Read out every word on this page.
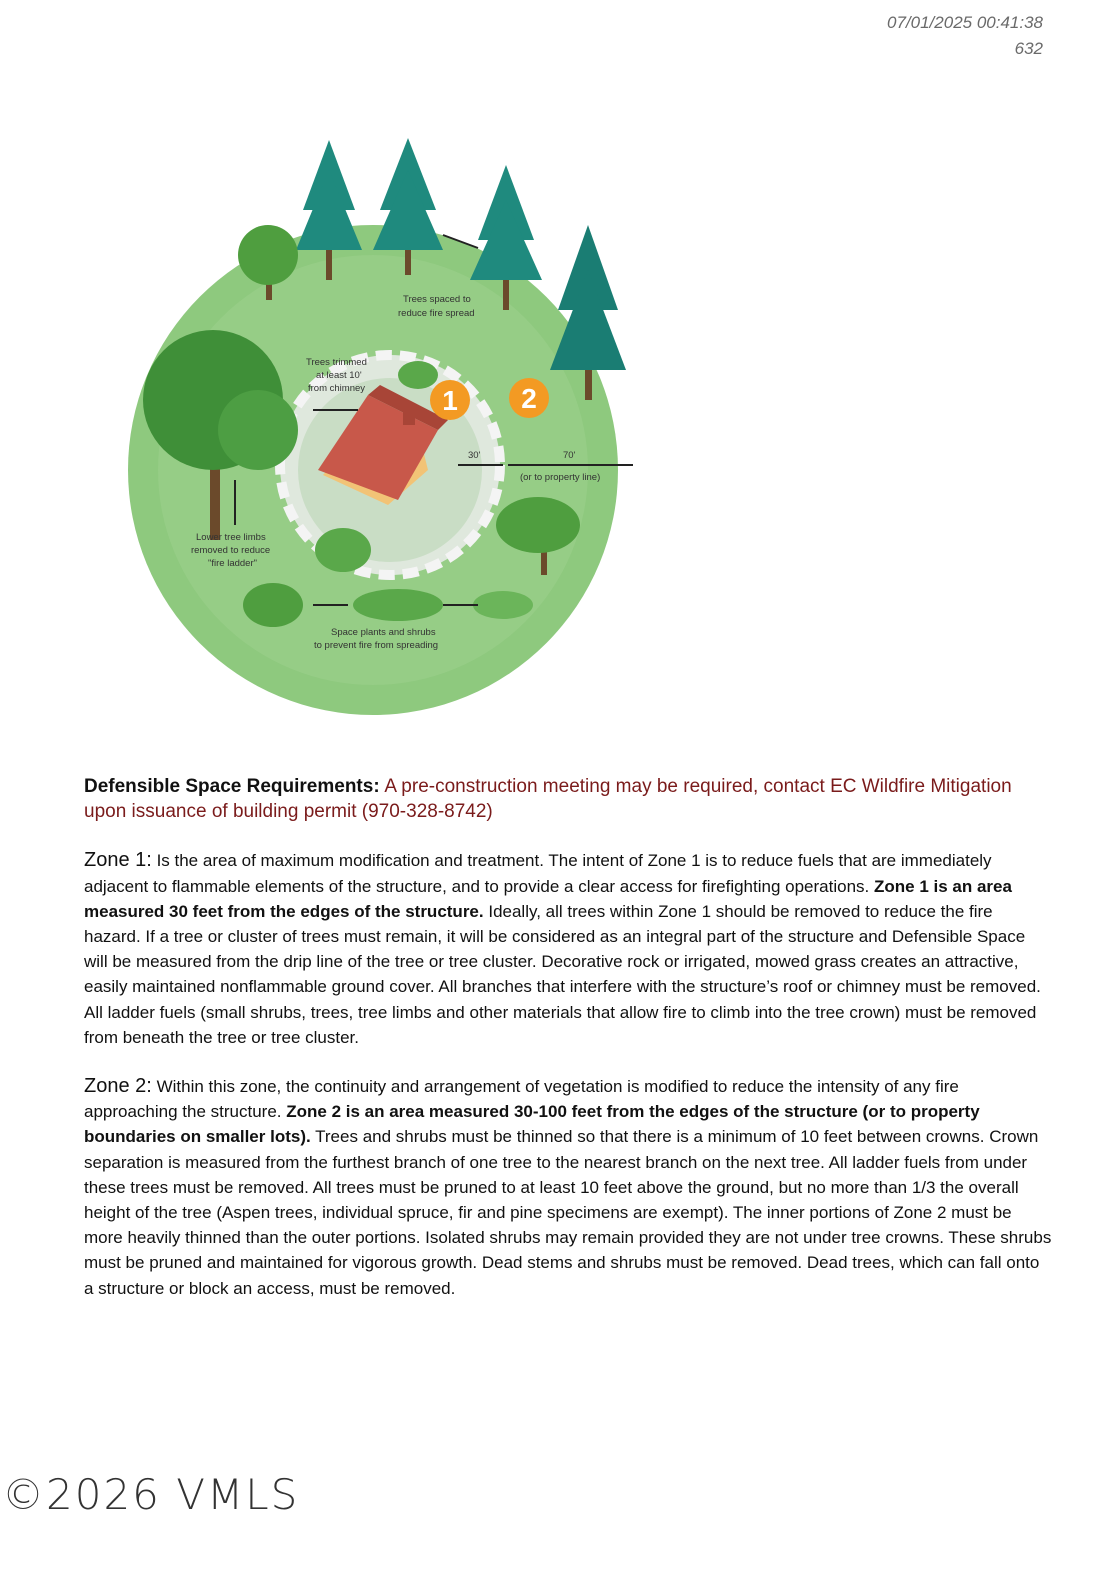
07/01/2025 00:41:38
632
1 2
Trees spaced to
reduce fire spread
Trees trimmed
at least 10'
from chimney
30'	70'
(or to property line)
Lower tree limbs
removed to reduce
"fire ladder"
Space plants and shrubs
to prevent fire from spreading

Defensible Space Requirements: A pre-construction meeting may be required, contact EC Wildfire Mitigation upon issuance of building permit (970-328-8742)

Zone 1: Is the area of maximum modification and treatment. The intent of Zone 1 is to reduce fuels that are immediately adjacent to flammable elements of the structure, and to provide a clear access for firefighting operations. Zone 1 is an area measured 30 feet from the edges of the structure. Ideally, all trees within Zone 1 should be removed to reduce the fire hazard. If a tree or cluster of trees must remain, it will be considered as an integral part of the structure and Defensible Space will be measured from the drip line of the tree or tree cluster. Decorative rock or irrigated, mowed grass creates an attractive, easily maintained nonflammable ground cover. All branches that interfere with the structure’s roof or chimney must be removed. All ladder fuels (small shrubs, trees, tree limbs and other materials that allow fire to climb into the tree crown) must be removed from beneath the tree or tree cluster.

Zone 2: Within this zone, the continuity and arrangement of vegetation is modified to reduce the intensity of any fire approaching the structure. Zone 2 is an area measured 30-100 feet from the edges of the structure (or to property boundaries on smaller lots). Trees and shrubs must be thinned so that there is a minimum of 10 feet between crowns. Crown separation is measured from the furthest branch of one tree to the nearest branch on the next tree. All ladder fuels from under these trees must be removed. All trees must be pruned to at least 10 feet above the ground, but no more than 1/3 the overall height of the tree (Aspen trees, individual spruce, fir and pine specimens are exempt). The inner portions of Zone 2 must be more heavily thinned than the outer portions. Isolated shrubs may remain provided they are not under tree crowns. These shrubs must be pruned and maintained for vigorous growth. Dead stems and shrubs must be removed. Dead trees, which can fall onto a structure or block an access, must be removed.

©2026 VMLS
